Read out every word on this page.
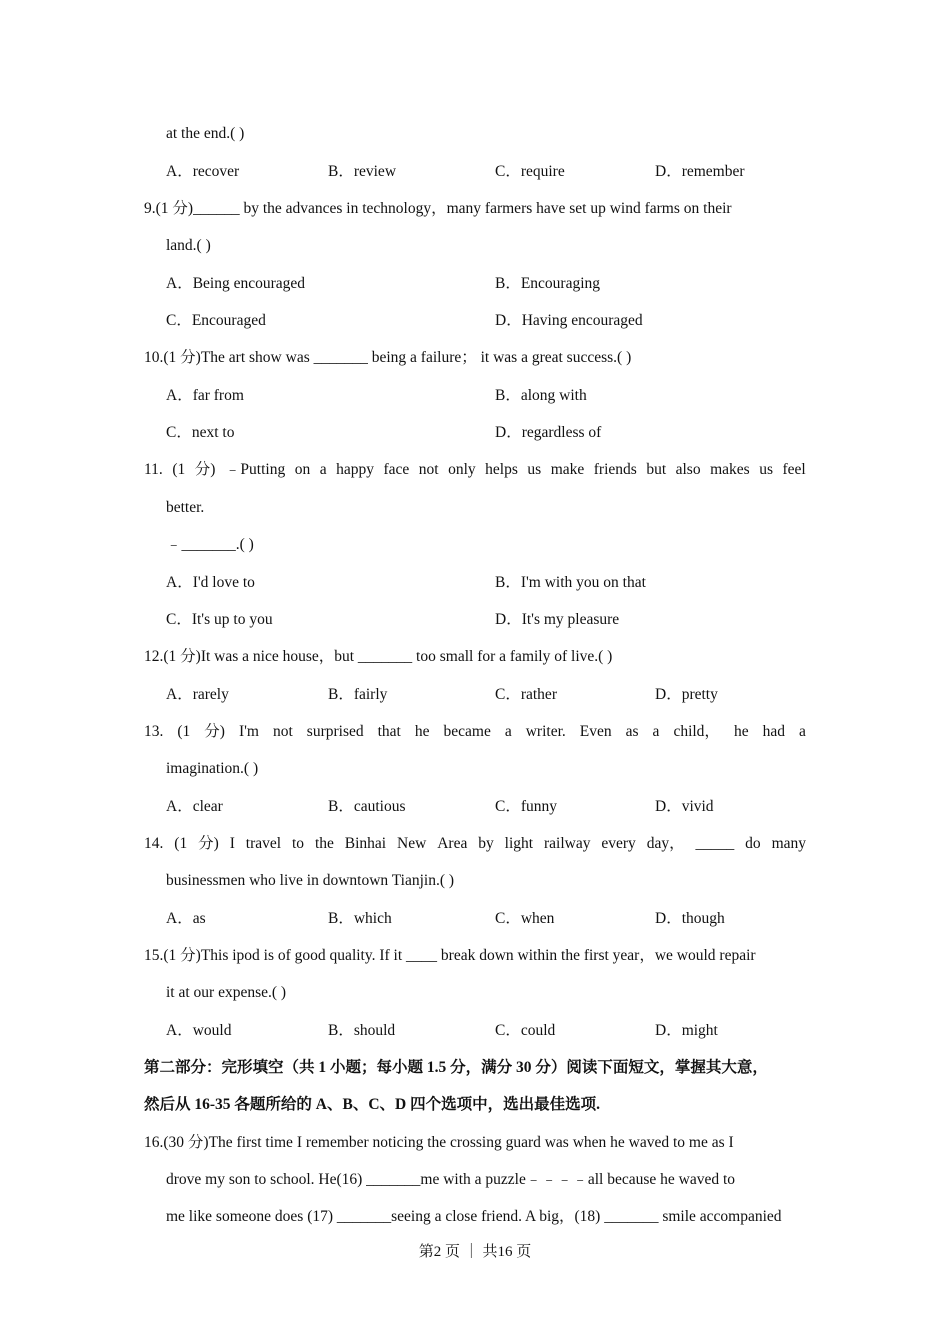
at the end.( )
A．recover	B．review	C．require	D．remember
9.(1 分)______ by the advances in technology，many farmers have set up wind farms on their
land.( )
A．Being encouraged	B．Encouraging
C．Encouraged	D．Having encouraged
10.(1 分)The art show was _______ being a failure； it was a great success.( )
A．far from	B．along with
C．next to	D．regardless of
11. (1 分) ﹣Putting on a happy face not only helps us make friends but also makes us feel
better.
﹣_______.( )
A．I'd love to	B．I'm with you on that
C．It's up to you	D．It's my pleasure
12.(1 分)It was a nice house，but _______ too small for a family of live.( )
A．rarely	B．fairly	C．rather	D．pretty
13. (1 分) I'm not surprised that he became a writer. Even as a child， he had a
imagination.( )
A．clear	B．cautious	C．funny	D．vivid
14. (1 分) I travel to the Binhai New Area by light railway every day， _____ do many
businessmen who live in downtown Tianjin.( )
A．as	B．which	C．when	D．though
15.(1 分)This ipod is of good quality. If it ____ break down within the first year，we would repair
it at our expense.( )
A．would	B．should	C．could	D．might
第二部分：完形填空（共 1 小题；每小题 1.5 分，满分 30 分）阅读下面短文，掌握其大意，
然后从 16-35 各题所给的 A、B、C、D 四个选项中，选出最佳选项.
16.(30 分)The first time I remember noticing the crossing guard was when he waved to me as I
drove my son to school. He(16) _______me with a puzzle﹣﹣﹣﹣all because he waved to
me like someone does (17) _______seeing a close friend. A big，(18) _______ smile accompanied
第2 页 ｜ 共16 页
